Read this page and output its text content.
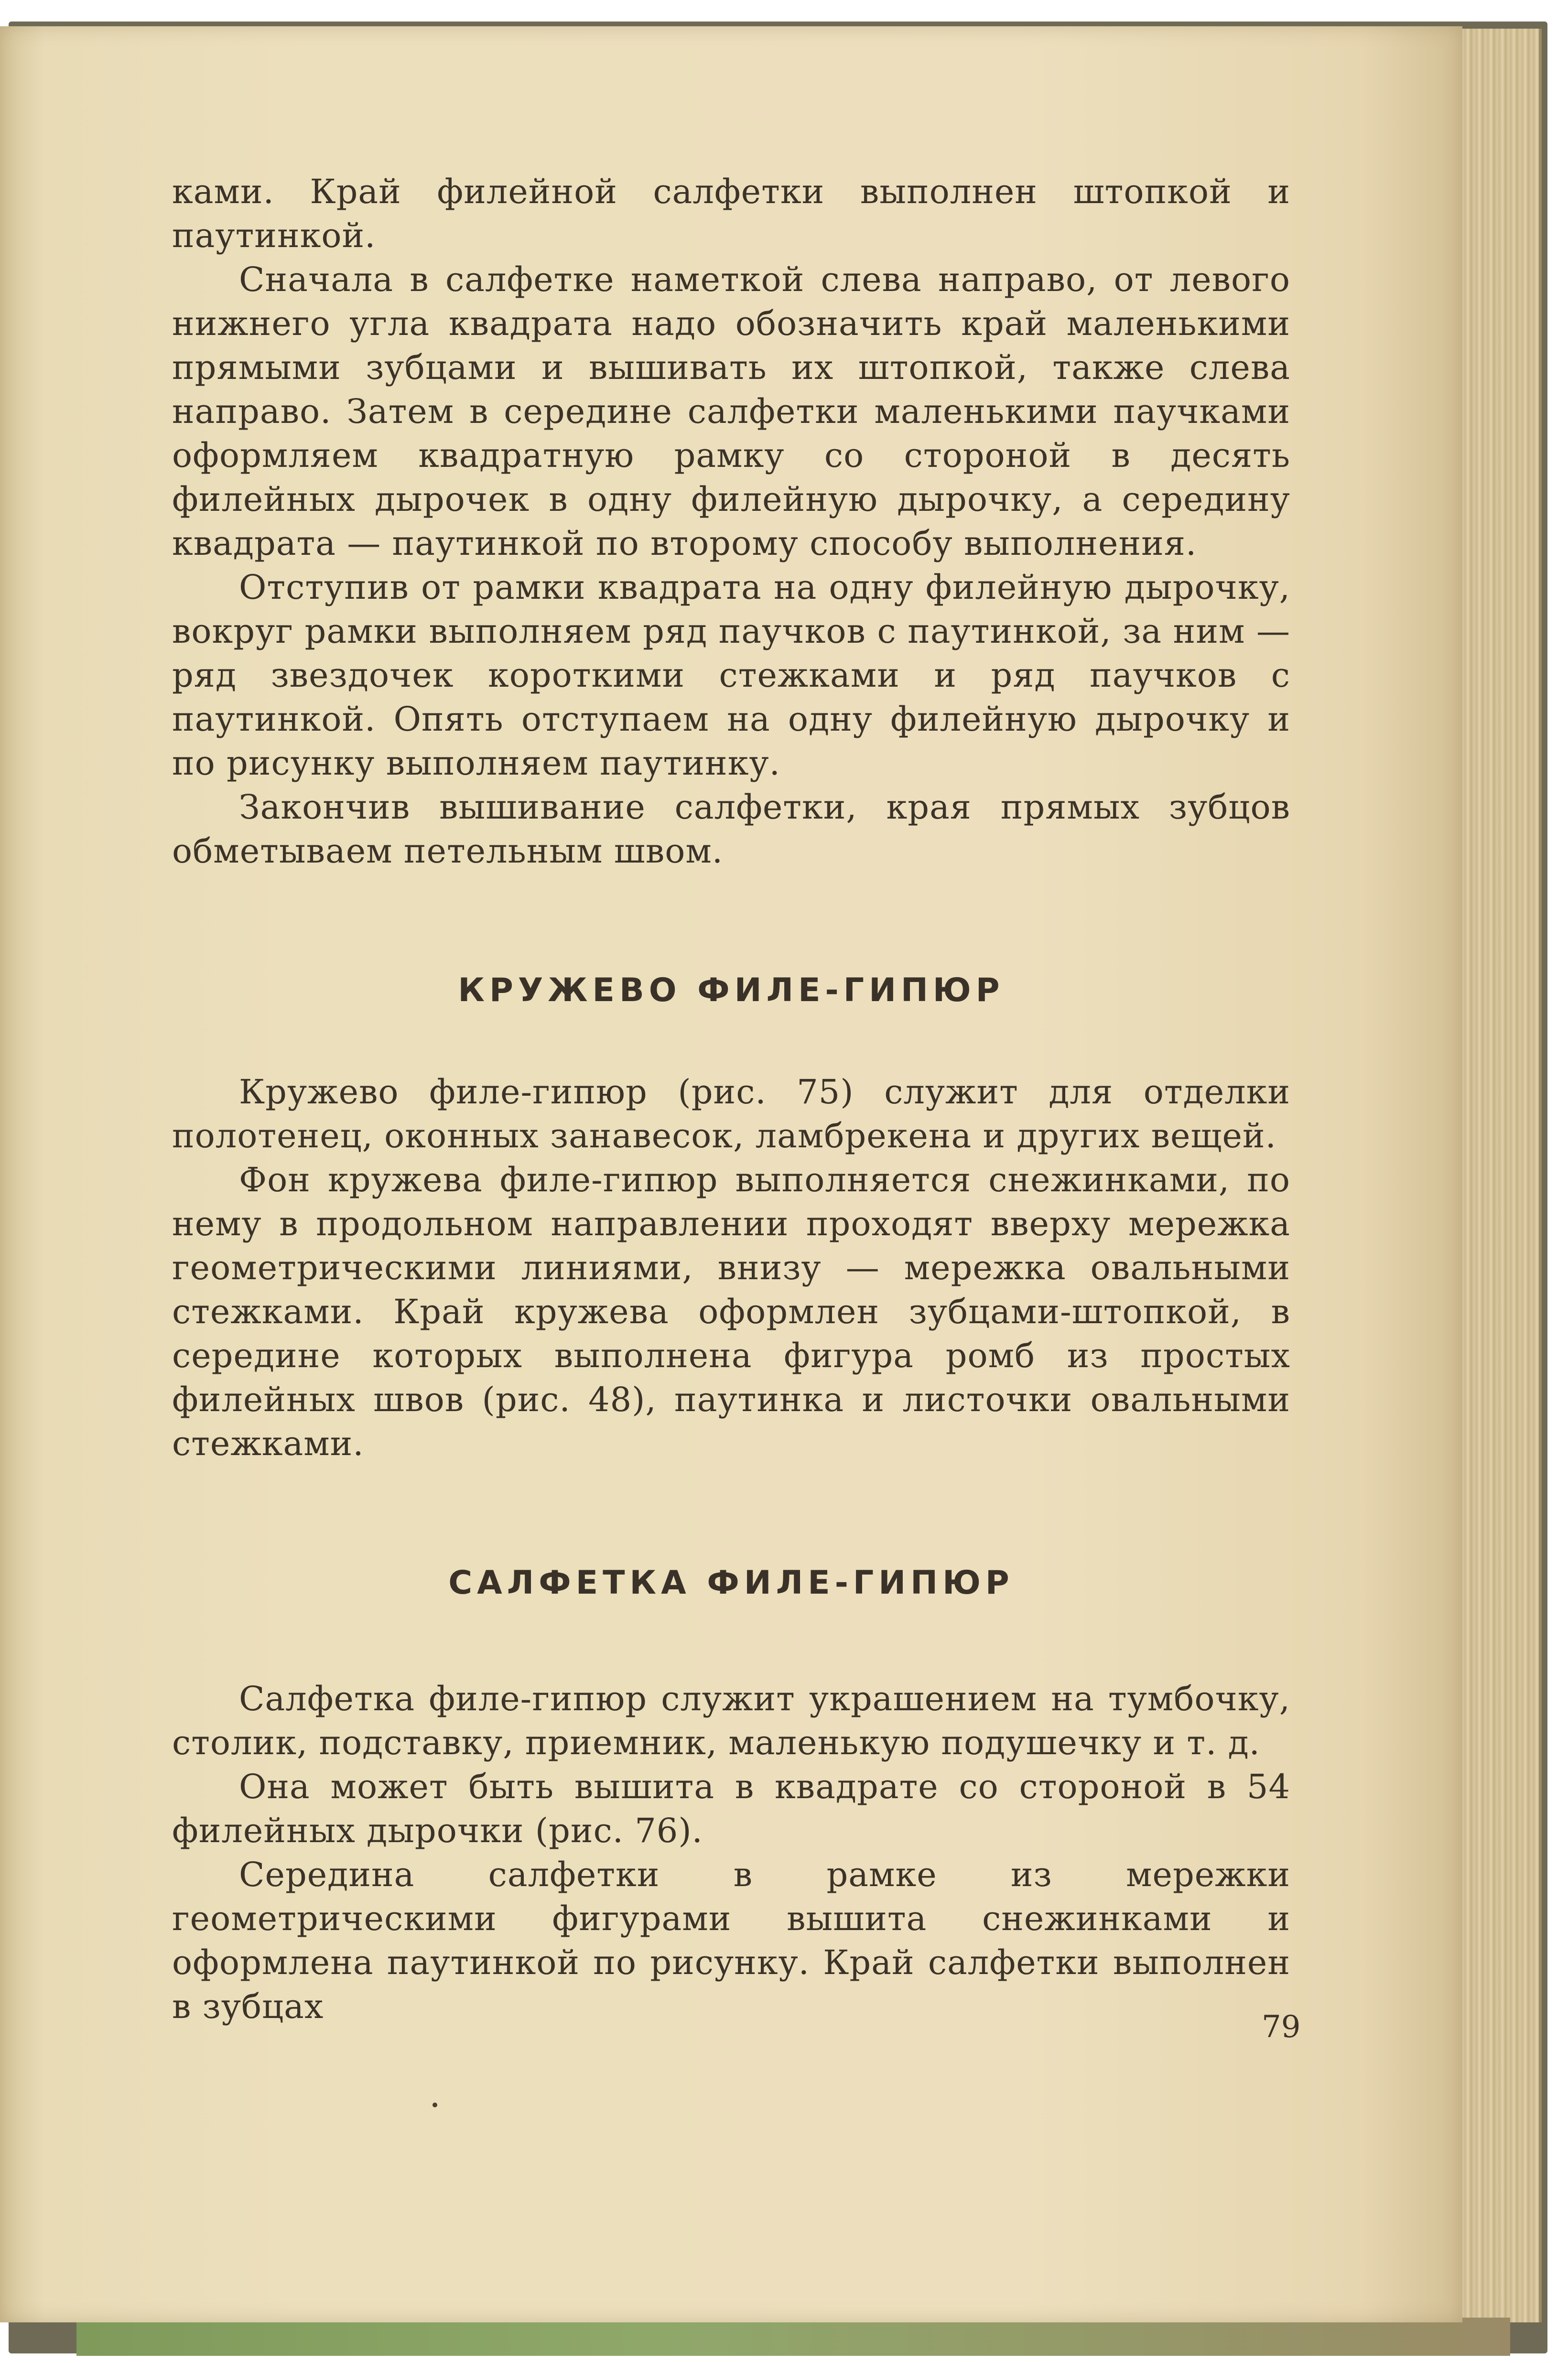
ками. Край филейной салфетки выполнен штопкой и паутинкой.

Сначала в салфетке наметкой слева направо, от левого нижнего угла квадрата надо обозначить край маленькими прямыми зубцами и вышивать их штопкой, также слева направо. Затем в середине салфетки маленькими паучками оформляем квадратную рамку со стороной в десять филейных дырочек в одну филейную дырочку, а середину квадрата — паутинкой по второму способу выполнения.

Отступив от рамки квадрата на одну филейную дырочку, вокруг рамки выполняем ряд паучков с паутинкой, за ним — ряд звездочек короткими стежками и ряд паучков с паутинкой. Опять отступаем на одну филейную дырочку и по рисунку выполняем паутинку.

Закончив вышивание салфетки, края прямых зубцов обметываем петельным швом.

КРУЖЕВО ФИЛЕ-ГИПЮР

Кружево филе-гипюр (рис. 75) служит для отделки полотенец, оконных занавесок, ламбрекена и других вещей.

Фон кружева филе-гипюр выполняется снежинками, по нему в продольном направлении проходят вверху мережка геометрическими линиями, внизу — мережка овальными стежками. Край кружева оформлен зубцами-штопкой, в середине которых выполнена фигура ромб из простых филейных швов (рис. 48), паутинка и листочки овальными стежками.

САЛФЕТКА ФИЛЕ-ГИПЮР

Салфетка филе-гипюр служит украшением на тумбочку, столик, подставку, приемник, маленькую подушечку и т. д.

Она может быть вышита в квадрате со стороной в 54 филейных дырочки (рис. 76).

Середина салфетки в рамке из мережки геометрическими фигурами вышита снежинками и оформлена паутинкой по рисунку. Край салфетки выполнен в зубцах

79
